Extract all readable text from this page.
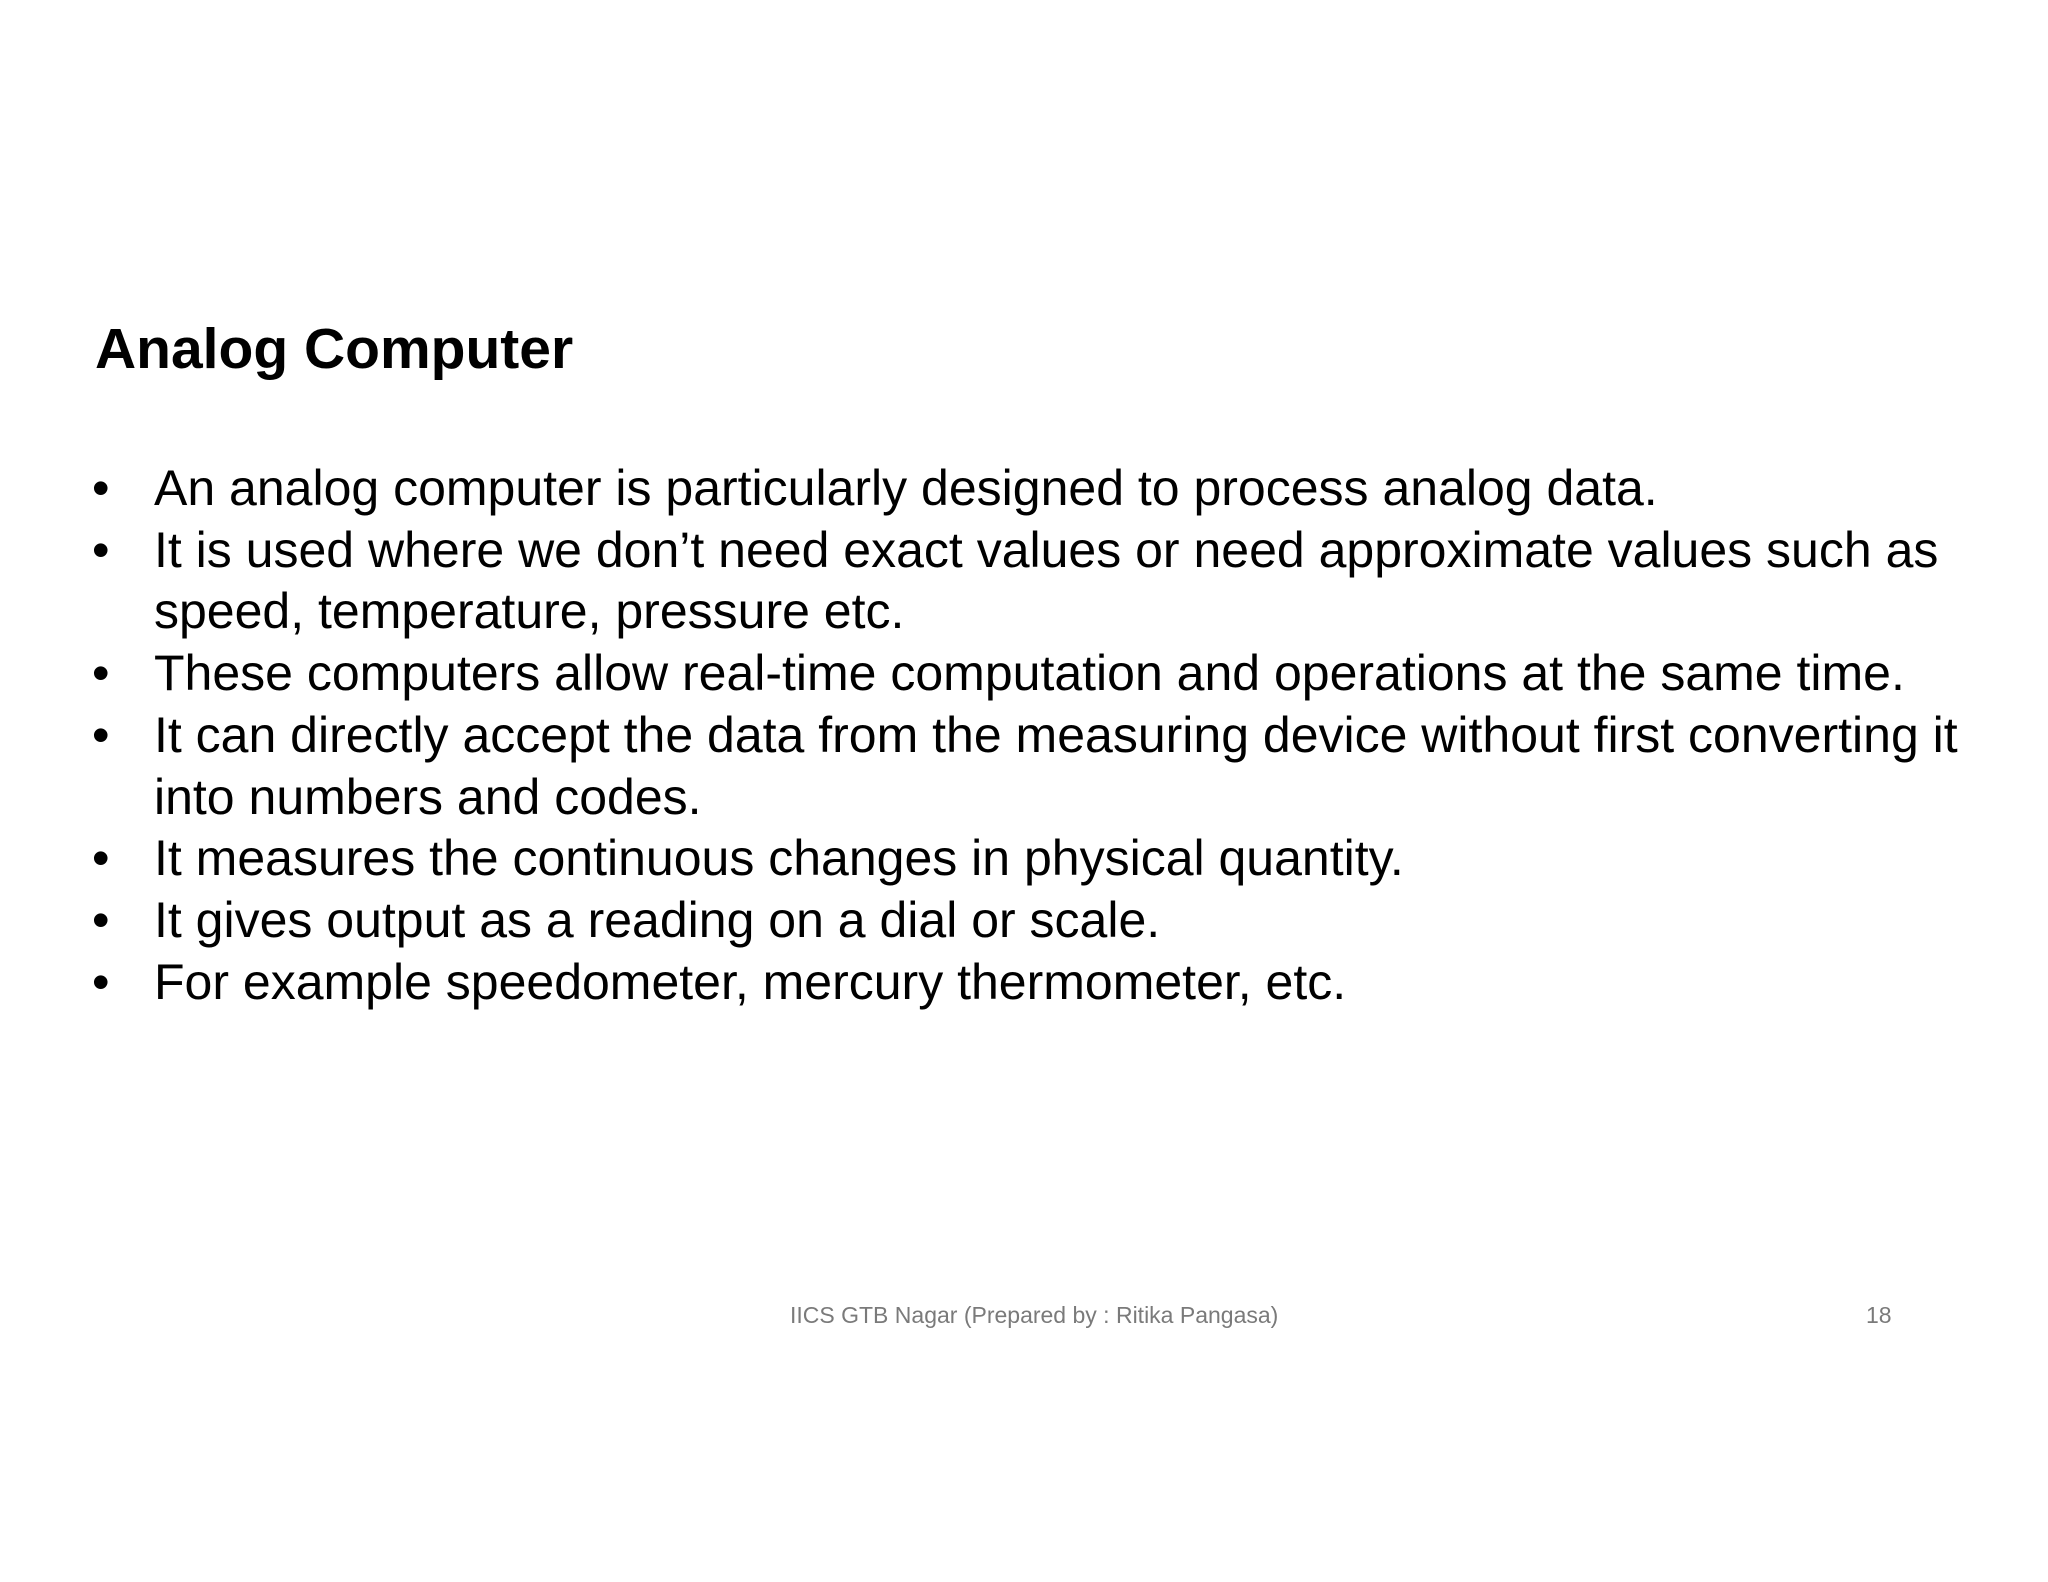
Analog Computer
• An analog computer is particularly designed to process analog data.
• It is used where we don’t need exact values or need approximate values such as speed, temperature, pressure etc.
• These computers allow real-time computation and operations at the same time.
• It can directly accept the data from the measuring device without first converting it into numbers and codes.
• It measures the continuous changes in physical quantity.
• It gives output as a reading on a dial or scale.
• For example speedometer, mercury thermometer, etc.
IICS GTB Nagar (Prepared by : Ritika Pangasa)	18
